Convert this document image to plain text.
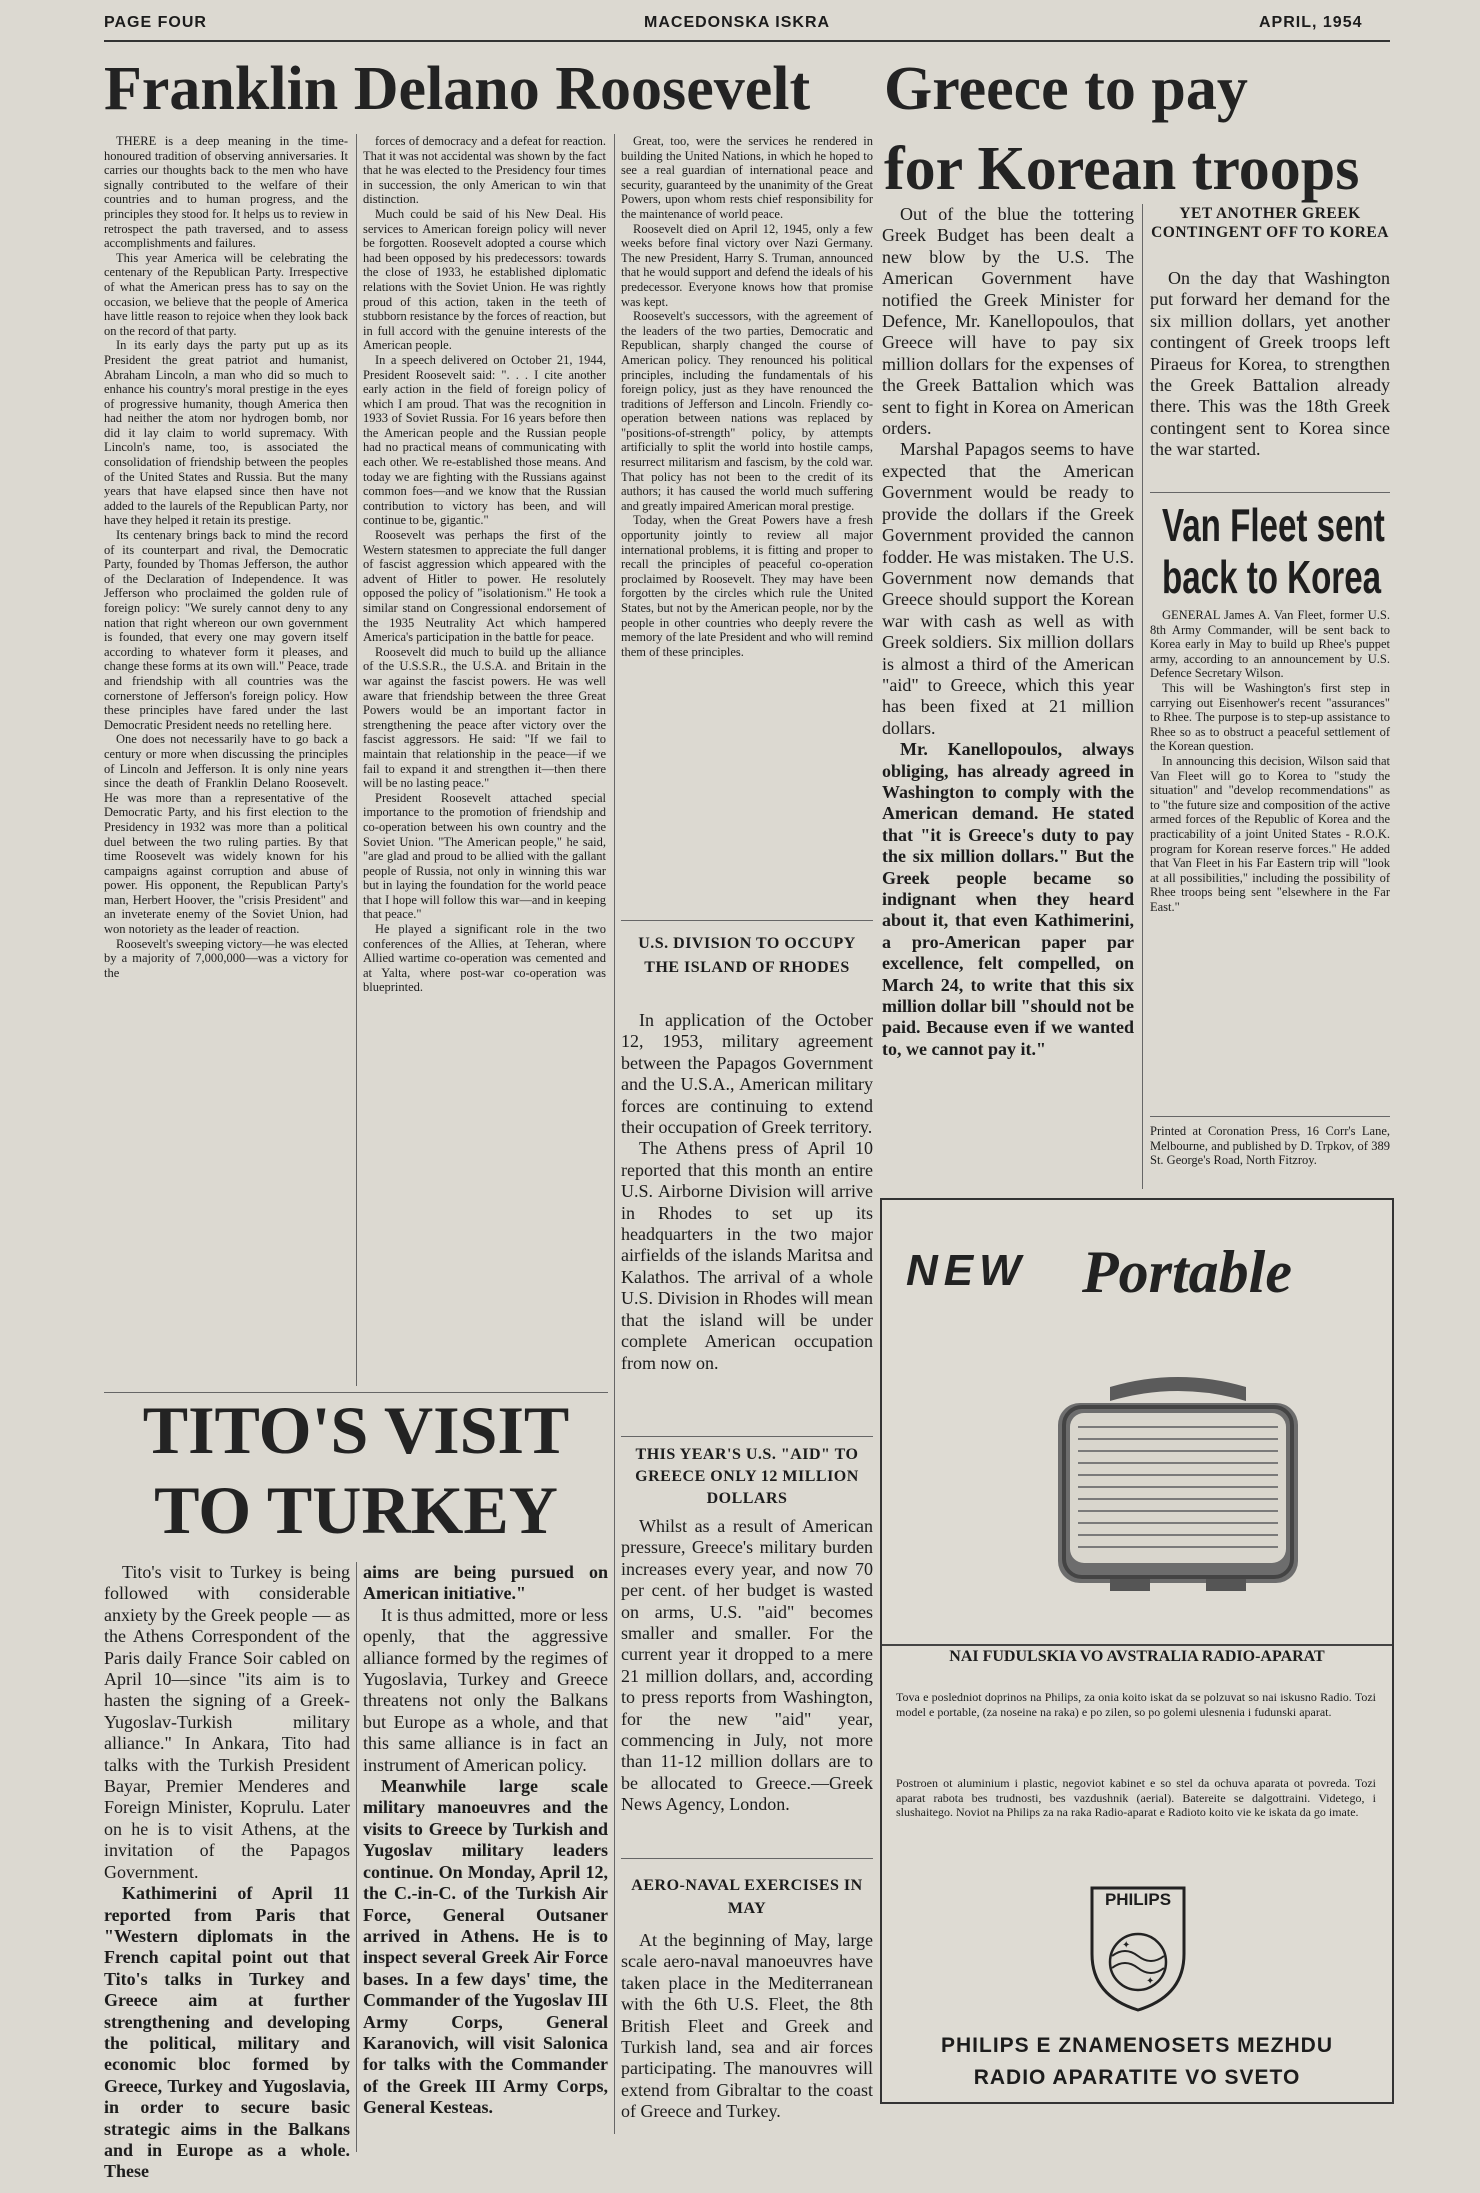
PAGE FOUR	MACEDONSKA ISKRA	APRIL, 1954
Franklin Delano Roosevelt

THERE is a deep meaning in the time-honoured tradition of observing anniversaries. It carries our thoughts back to the men who have signally contributed to the welfare of their countries and to human progress, and the principles they stood for. It helps us to review in retrospect the path traversed, and to assess accomplishments and failures.

This year America will be celebrating the centenary of the Republican Party. Irrespective of what the American press has to say on the occasion, we believe that the people of America have little reason to rejoice when they look back on the record of that party.

In its early days the party put up as its President the great patriot and humanist, Abraham Lincoln, a man who did so much to enhance his country's moral prestige in the eyes of progressive humanity, though America then had neither the atom nor hydrogen bomb, nor did it lay claim to world supremacy. With Lincoln's name, too, is associated the consolidation of friendship between the peoples of the United States and Russia. But the many years that have elapsed since then have not added to the laurels of the Republican Party, nor have they helped it retain its prestige.

Its centenary brings back to mind the record of its counterpart and rival, the Democratic Party, founded by Thomas Jefferson, the author of the Declaration of Independence. It was Jefferson who proclaimed the golden rule of foreign policy: "We surely cannot deny to any nation that right whereon our own government is founded, that every one may govern itself according to whatever form it pleases, and change these forms at its own will." Peace, trade and friendship with all countries was the cornerstone of Jefferson's foreign policy. How these principles have fared under the last Democratic President needs no retelling here.

One does not necessarily have to go back a century or more when discussing the principles of Lincoln and Jefferson. It is only nine years since the death of Franklin Delano Roosevelt. He was more than a representative of the Democratic Party, and his first election to the Presidency in 1932 was more than a political duel between the two ruling parties. By that time Roosevelt was widely known for his campaigns against corruption and abuse of power. His opponent, the Republican Party's man, Herbert Hoover, the "crisis President" and an inveterate enemy of the Soviet Union, had won notoriety as the leader of reaction.

Roosevelt's sweeping victory—he was elected by a majority of 7,000,000—was a victory for the

forces of democracy and a defeat for reaction. That it was not accidental was shown by the fact that he was elected to the Presidency four times in succession, the only American to win that distinction.

Much could be said of his New Deal. His services to American foreign policy will never be forgotten. Roosevelt adopted a course which had been opposed by his predecessors: towards the close of 1933, he established diplomatic relations with the Soviet Union. He was rightly proud of this action, taken in the teeth of stubborn resistance by the forces of reaction, but in full accord with the genuine interests of the American people.

In a speech delivered on October 21, 1944, President Roosevelt said: ". . . I cite another early action in the field of foreign policy of which I am proud. That was the recognition in 1933 of Soviet Russia. For 16 years before then the American people and the Russian people had no practical means of communicating with each other. We re-established those means. And today we are fighting with the Russians against common foes—and we know that the Russian contribution to victory has been, and will continue to be, gigantic."

Roosevelt was perhaps the first of the Western statesmen to appreciate the full danger of fascist aggression which appeared with the advent of Hitler to power. He resolutely opposed the policy of "isolationism." He took a similar stand on Congressional endorsement of the 1935 Neutrality Act which hampered America's participation in the battle for peace.

Roosevelt did much to build up the alliance of the U.S.S.R., the U.S.A. and Britain in the war against the fascist powers. He was well aware that friendship between the three Great Powers would be an important factor in strengthening the peace after victory over the fascist aggressors. He said: "If we fail to maintain that relationship in the peace—if we fail to expand it and strengthen it—then there will be no lasting peace."

President Roosevelt attached special importance to the promotion of friendship and co-operation between his own country and the Soviet Union. "The American people," he said, "are glad and proud to be allied with the gallant people of Russia, not only in winning this war but in laying the foundation for the world peace that I hope will follow this war—and in keeping that peace."

He played a significant role in the two conferences of the Allies, at Teheran, where Allied wartime co-operation was cemented and at Yalta, where post-war co-operation was blueprinted.

Great, too, were the services he rendered in building the United Nations, in which he hoped to see a real guardian of international peace and security, guaranteed by the unanimity of the Great Powers, upon whom rests chief responsibility for the maintenance of world peace.

Roosevelt died on April 12, 1945, only a few weeks before final victory over Nazi Germany. The new President, Harry S. Truman, announced that he would support and defend the ideals of his predecessor. Everyone knows how that promise was kept.

Roosevelt's successors, with the agreement of the leaders of the two parties, Democratic and Republican, sharply changed the course of American policy. They renounced his political principles, including the fundamentals of his foreign policy, just as they have renounced the traditions of Jefferson and Lincoln. Friendly co-operation between nations was replaced by "positions-of-strength" policy, by attempts artificially to split the world into hostile camps, resurrect militarism and fascism, by the cold war. That policy has not been to the credit of its authors; it has caused the world much suffering and greatly impaired American moral prestige.

Today, when the Great Powers have a fresh opportunity jointly to review all major international problems, it is fitting and proper to recall the principles of peaceful co-operation proclaimed by Roosevelt. They may have been forgotten by the circles which rule the United States, but not by the American people, nor by the people in other countries who deeply revere the memory of the late President and who will remind them of these principles.

U.S. DIVISION TO OCCUPY THE ISLAND OF RHODES

In application of the October 12, 1953, military agreement between the Papagos Government and the U.S.A., American military forces are continuing to extend their occupation of Greek territory.

The Athens press of April 10 reported that this month an entire U.S. Airborne Division will arrive in Rhodes to set up its headquarters in the two major airfields of the islands Maritsa and Kalathos. The arrival of a whole U.S. Division in Rhodes will mean that the island will be under complete American occupation from now on.

THIS YEAR'S U.S. "AID" TO GREECE ONLY 12 MILLION DOLLARS

Whilst as a result of American pressure, Greece's military burden increases every year, and now 70 per cent. of her budget is wasted on arms, U.S. "aid" becomes smaller and smaller. For the current year it dropped to a mere 21 million dollars, and, according to press reports from Washington, for the new "aid" year, commencing in July, not more than 11-12 million dollars are to be allocated to Greece.—Greek News Agency, London.

AERO-NAVAL EXERCISES IN MAY

At the beginning of May, large scale aero-naval manoeuvres have taken place in the Mediterranean with the 6th U.S. Fleet, the 8th British Fleet and Greek and Turkish land, sea and air forces participating. The manouvres will extend from Gibraltar to the coast of Greece and Turkey.

Greece to pay
for Korean troops

Out of the blue the tottering Greek Budget has been dealt a new blow by the U.S. The American Government have notified the Greek Minister for Defence, Mr. Kanellopoulos, that Greece will have to pay six million dollars for the expenses of the Greek Battalion which was sent to fight in Korea on American orders.

Marshal Papagos seems to have expected that the American Government would be ready to provide the dollars if the Greek Government provided the cannon fodder. He was mistaken. The U.S. Government now demands that Greece should support the Korean war with cash as well as with Greek soldiers. Six million dollars is almost a third of the American "aid" to Greece, which this year has been fixed at 21 million dollars.

Mr. Kanellopoulos, always obliging, has already agreed in Washington to comply with the American demand. He stated that "it is Greece's duty to pay the six million dollars." But the Greek people became so indignant when they heard about it, that even Kathimerini, a pro-American paper par excellence, felt compelled, on March 24, to write that this six million dollar bill "should not be paid. Because even if we wanted to, we cannot pay it."

YET ANOTHER GREEK CONTINGENT OFF TO KOREA

On the day that Washington put forward her demand for the six million dollars, yet another contingent of Greek troops left Piraeus for Korea, to strengthen the Greek Battalion already there. This was the 18th Greek contingent sent to Korea since the war started.

Van Fleet sent
back to Korea

GENERAL James A. Van Fleet, former U.S. 8th Army Commander, will be sent back to Korea early in May to build up Rhee's puppet army, according to an announcement by U.S. Defence Secretary Wilson.

This will be Washington's first step in carrying out Eisenhower's recent "assurances" to Rhee. The purpose is to step-up assistance to Rhee so as to obstruct a peaceful settlement of the Korean question.

In announcing this decision, Wilson said that Van Fleet will go to Korea to "study the situation" and "develop recommendations" as to "the future size and composition of the active armed forces of the Republic of Korea and the practicability of a joint United States - R.O.K. program for Korean reserve forces." He added that Van Fleet in his Far Eastern trip will "look at all possibilities," including the possibility of Rhee troops being sent "elsewhere in the Far East."

Printed at Coronation Press, 16 Corr's Lane, Melbourne, and published by D. Trpkov, of 389 St. George's Road, North Fitzroy.

TITO'S VISIT
TO TURKEY

Tito's visit to Turkey is being followed with considerable anxiety by the Greek people — as the Athens Correspondent of the Paris daily France Soir cabled on April 10—since "its aim is to hasten the signing of a Greek-Yugoslav-Turkish military alliance." In Ankara, Tito had talks with the Turkish President Bayar, Premier Menderes and Foreign Minister, Koprulu. Later on he is to visit Athens, at the invitation of the Papagos Government.

Kathimerini of April 11 reported from Paris that "Western diplomats in the French capital point out that Tito's talks in Turkey and Greece aim at further strengthening and developing the political, military and economic bloc formed by Greece, Turkey and Yugoslavia, in order to secure basic strategic aims in the Balkans and in Europe as a whole. These

aims are being pursued on American initiative."

It is thus admitted, more or less openly, that the aggressive alliance formed by the regimes of Yugoslavia, Turkey and Greece threatens not only the Balkans but Europe as a whole, and that this same alliance is in fact an instrument of American policy.

Meanwhile large scale military manoeuvres and the visits to Greece by Turkish and Yugoslav military leaders continue. On Monday, April 12, the C.-in-C. of the Turkish Air Force, General Outsaner arrived in Athens. He is to inspect several Greek Air Force bases. In a few days' time, the Commander of the Yugoslav III Army Corps, General Karanovich, will visit Salonica for talks with the Commander of the Greek III Army Corps, General Kesteas.

NEW Portable
NAI FUDULSKIA VO AVSTRALIA RADIO-APARAT

Tova e posledniot doprinos na Philips, za onia koito iskat da se polzuvat so nai iskusno Radio. Tozi model e portable, (za noseine na raka) e po zilen, so po golemi ulesnenia i fudunski aparat.

Postroen ot aluminium i plastic, negoviot kabinet e so stel da ochuva aparata ot povreda. Tozi aparat rabota bes trudnosti, bes vazdushnik (aerial). Batereite se dalgottraini. Videtego, i slushaitego. Noviot na Philips za na raka Radio-aparat e Radioto koito vie ke iskata da go imate.

✦
✦
PHILIPS
PHILIPS E ZNAMENOSETS MEZHDU
RADIO APARATITE VO SVETO
